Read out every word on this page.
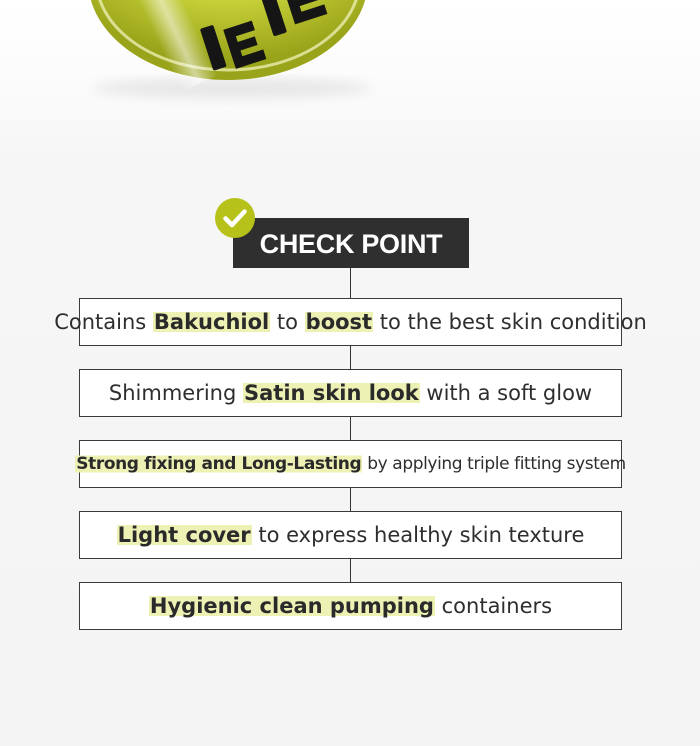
CHECK POINT
Contains Bakuchiol to boost to the best skin condition
Shimmering Satin skin look with a soft glow
Strong fixing and Long-Lasting by applying triple fitting system
Light cover to express healthy skin texture
Hygienic clean pumping containers
